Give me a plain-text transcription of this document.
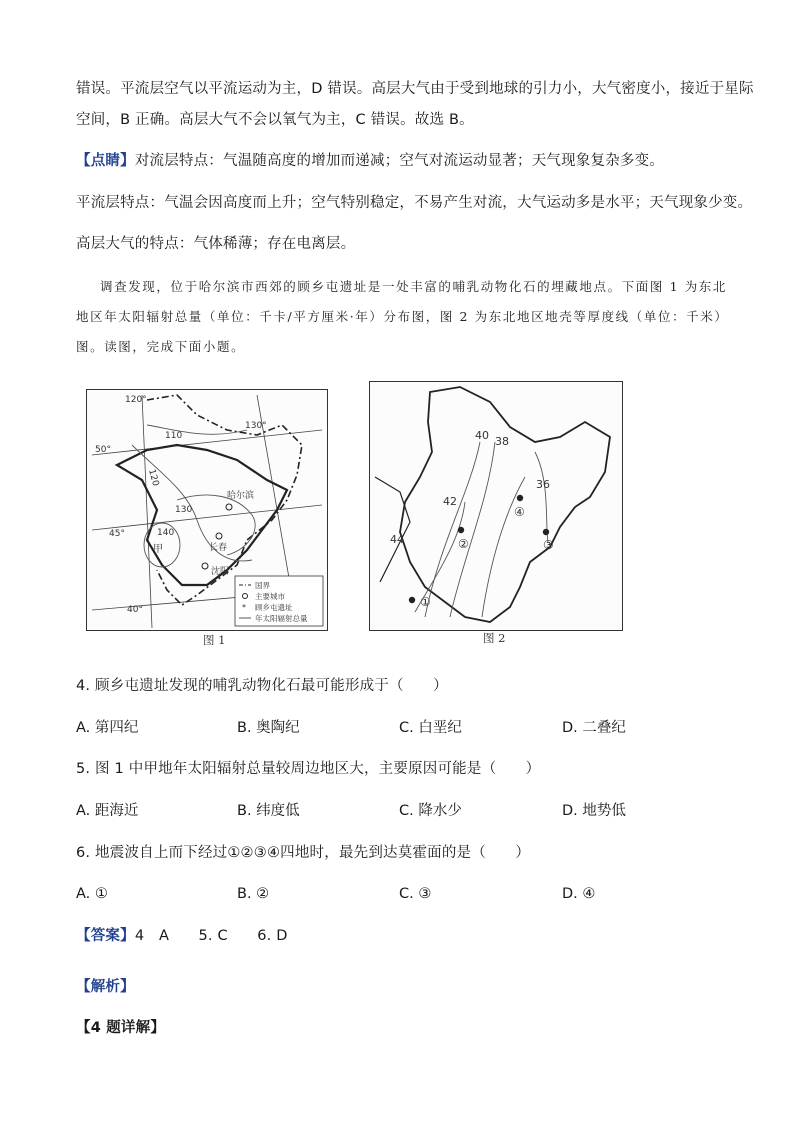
错误。平流层空气以平流运动为主，D 错误。高层大气由于受到地球的引力小，大气密度小，接近于星际
空间，B 正确。高层大气不会以氧气为主，C 错误。故选 B。
【点睛】对流层特点：气温随高度的增加而递减；空气对流运动显著；天气现象复杂多变。
平流层特点：气温会因高度而上升；空气特别稳定，不易产生对流，大气运动多是水平；天气现象少变。
高层大气的特点：气体稀薄；存在电离层。
调查发现，位于哈尔滨市西郊的顾乡屯遗址是一处丰富的哺乳动物化石的埋藏地点。下面图 1 为东北
地区年太阳辐射总量（单位：千卡/平方厘米·年）分布图，图 2 为东北地区地壳等厚度线（单位：千米）
图。读图，完成下面小题。
120°
130°
50°
45°
40°
110
120
130
140
甲
哈尔滨
长春
沈阳
国界
主要城市
* 顾乡屯遗址
年太阳辐射总量
图 1
40 38
42
36
44
①
②	③
④
图 2
4. 顾乡屯遗址发现的哺乳动物化石最可能形成于（　　）
A. 第四纪	B. 奥陶纪	C. 白垩纪	D. 二叠纪
5. 图 1 中甲地年太阳辐射总量较周边地区大，主要原因可能是（　　）
A. 距海近	B. 纬度低	C. 降水少	D. 地势低
6. 地震波自上而下经过①②③④四地时，最先到达莫霍面的是（　　）
A. ①	B. ②	C. ③	D. ④
【答案】4　A　　5. C　　6. D
【解析】
【4 题详解】
